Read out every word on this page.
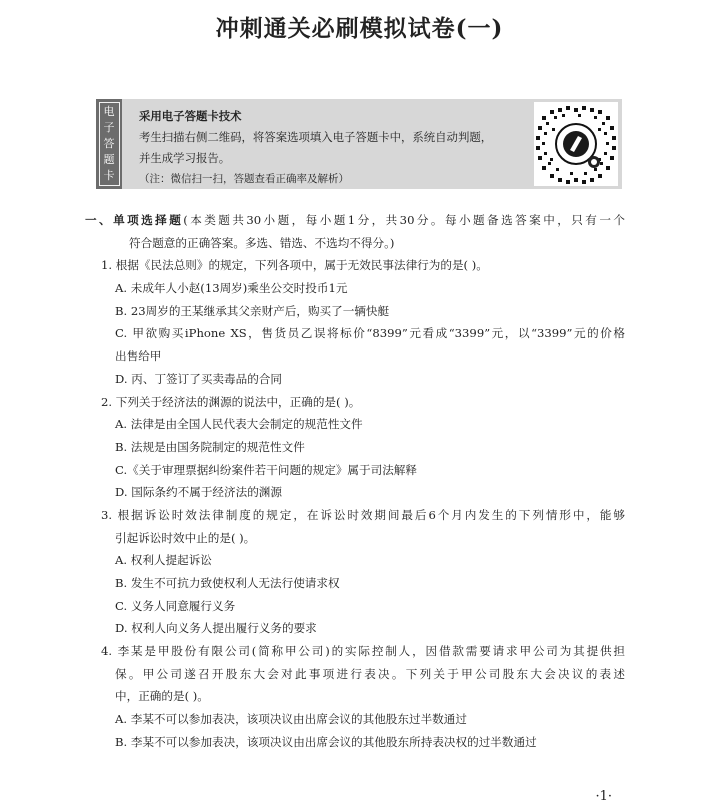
冲刺通关必刷模拟试卷(一)
电
子
答
题
卡
采用电子答题卡技术
考生扫描右侧二维码，将答案选项填入电子答题卡中，系统自动判题，
并生成学习报告。
（注：微信扫一扫，答题查看正确率及解析）
一、单项选择题(本类题共30小题，每小题1分，共30分。每小题备选答案中，只有一个
符合题意的正确答案。多选、错选、不选均不得分。)
1. 根据《民法总则》的规定，下列各项中，属于无效民事法律行为的是( )。
A. 未成年人小赵(13周岁)乘坐公交时投币1元
B. 23周岁的王某继承其父亲财产后，购买了一辆快艇
C. 甲欲购买iPhone XS，售货员乙误将标价“8399”元看成“3399”元，以“3399”元的价格
出售给甲
D. 丙、丁签订了买卖毒品的合同
2. 下列关于经济法的渊源的说法中，正确的是( )。
A. 法律是由全国人民代表大会制定的规范性文件
B. 法规是由国务院制定的规范性文件
C.《关于审理票据纠纷案件若干问题的规定》属于司法解释
D. 国际条约不属于经济法的渊源
3. 根据诉讼时效法律制度的规定，在诉讼时效期间最后6个月内发生的下列情形中，能够
引起诉讼时效中止的是( )。
A. 权利人提起诉讼
B. 发生不可抗力致使权利人无法行使请求权
C. 义务人同意履行义务
D. 权利人向义务人提出履行义务的要求
4. 李某是甲股份有限公司(简称甲公司)的实际控制人，因借款需要请求甲公司为其提供担
保。甲公司遂召开股东大会对此事项进行表决。下列关于甲公司股东大会决议的表述
中，正确的是( )。
A. 李某不可以参加表决，该项决议由出席会议的其他股东过半数通过
B. 李某不可以参加表决，该项决议由出席会议的其他股东所持表决权的过半数通过
·1·
